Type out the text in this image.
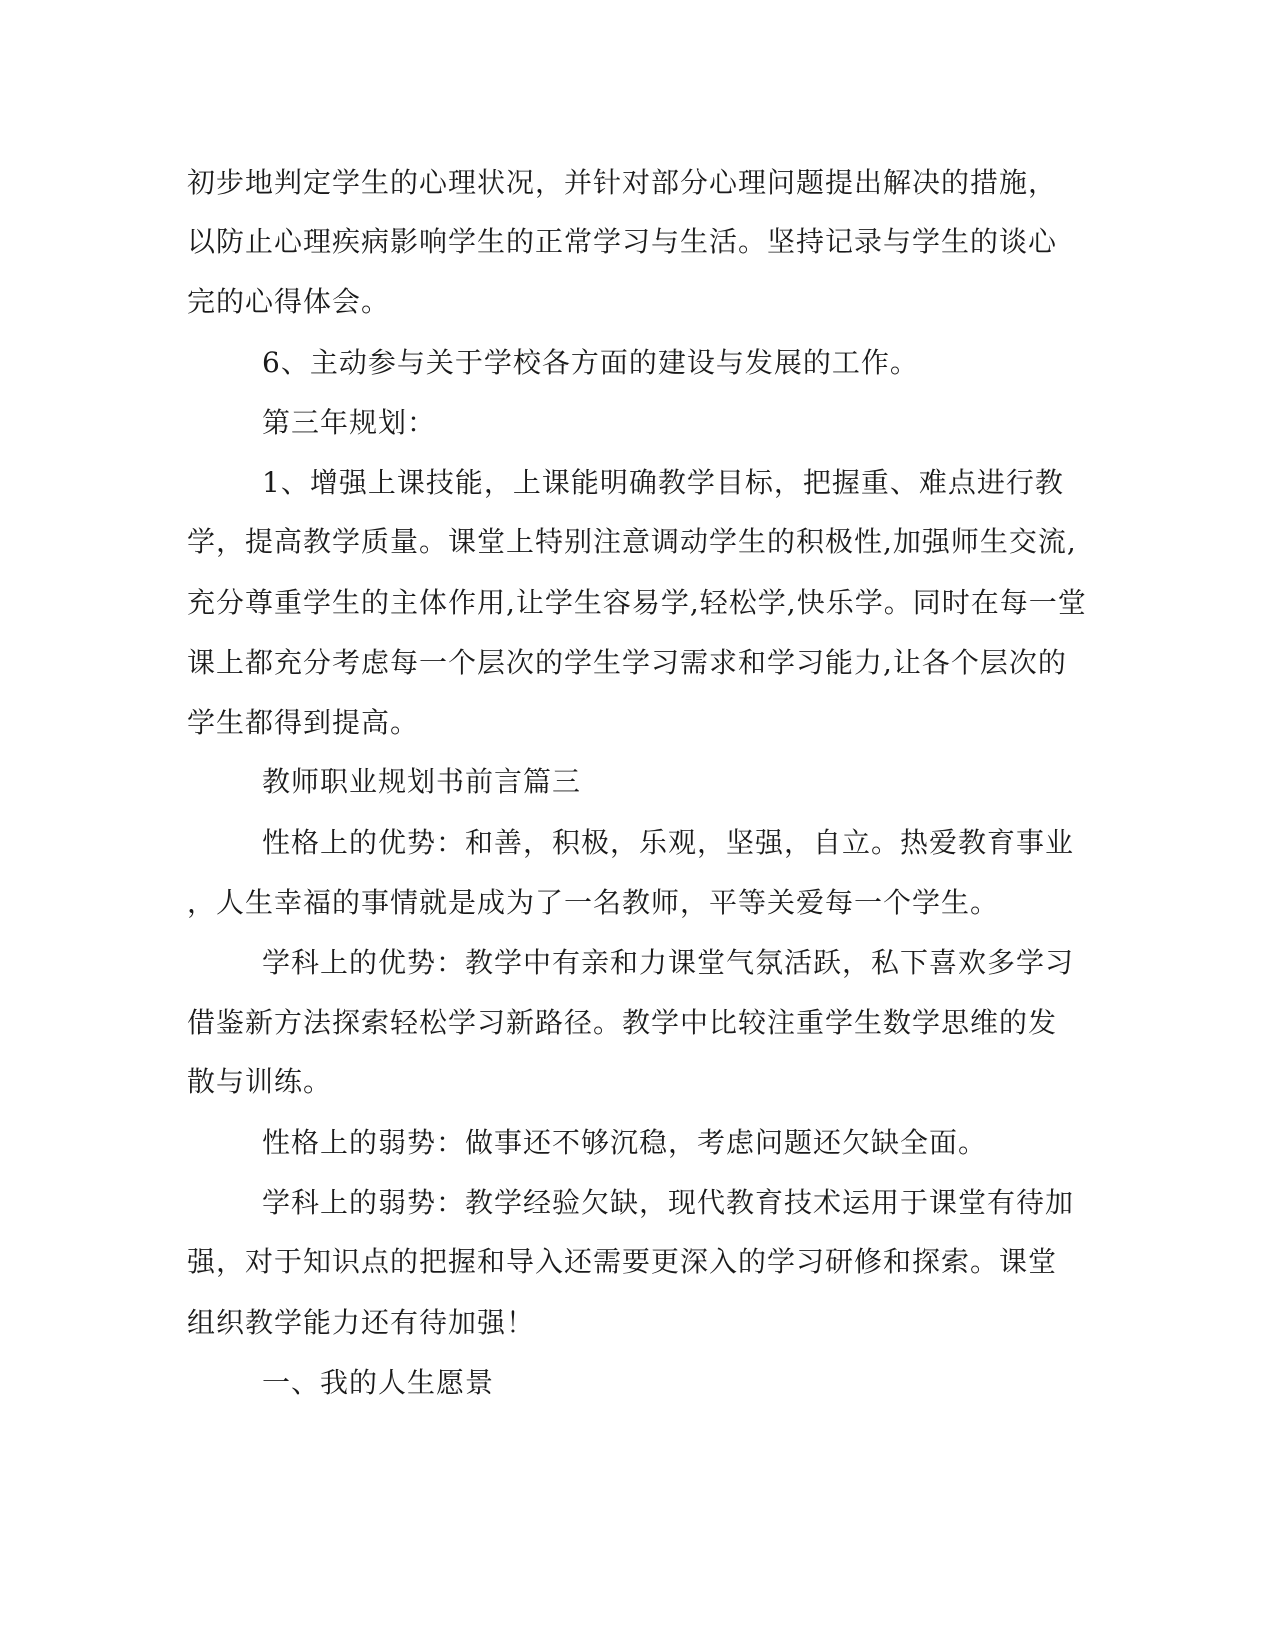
初步地判定学生的心理状况，并针对部分心理问题提出解决的措施，
以防止心理疾病影响学生的正常学习与生活。坚持记录与学生的谈心
完的心得体会。
6、主动参与关于学校各方面的建设与发展的工作。
第三年规划：
1、增强上课技能，上课能明确教学目标，把握重、难点进行教
学，提高教学质量。课堂上特别注意调动学生的积极性,加强师生交流,
充分尊重学生的主体作用,让学生容易学,轻松学,快乐学。同时在每一堂
课上都充分考虑每一个层次的学生学习需求和学习能力,让各个层次的
学生都得到提高。
教师职业规划书前言篇三
性格上的优势：和善，积极，乐观，坚强，自立。热爱教育事业
，人生幸福的事情就是成为了一名教师，平等关爱每一个学生。
学科上的优势：教学中有亲和力课堂气氛活跃，私下喜欢多学习
借鉴新方法探索轻松学习新路径。教学中比较注重学生数学思维的发
散与训练。
性格上的弱势：做事还不够沉稳，考虑问题还欠缺全面。
学科上的弱势：教学经验欠缺，现代教育技术运用于课堂有待加
强，对于知识点的把握和导入还需要更深入的学习研修和探索。课堂
组织教学能力还有待加强！
一、我的人生愿景
